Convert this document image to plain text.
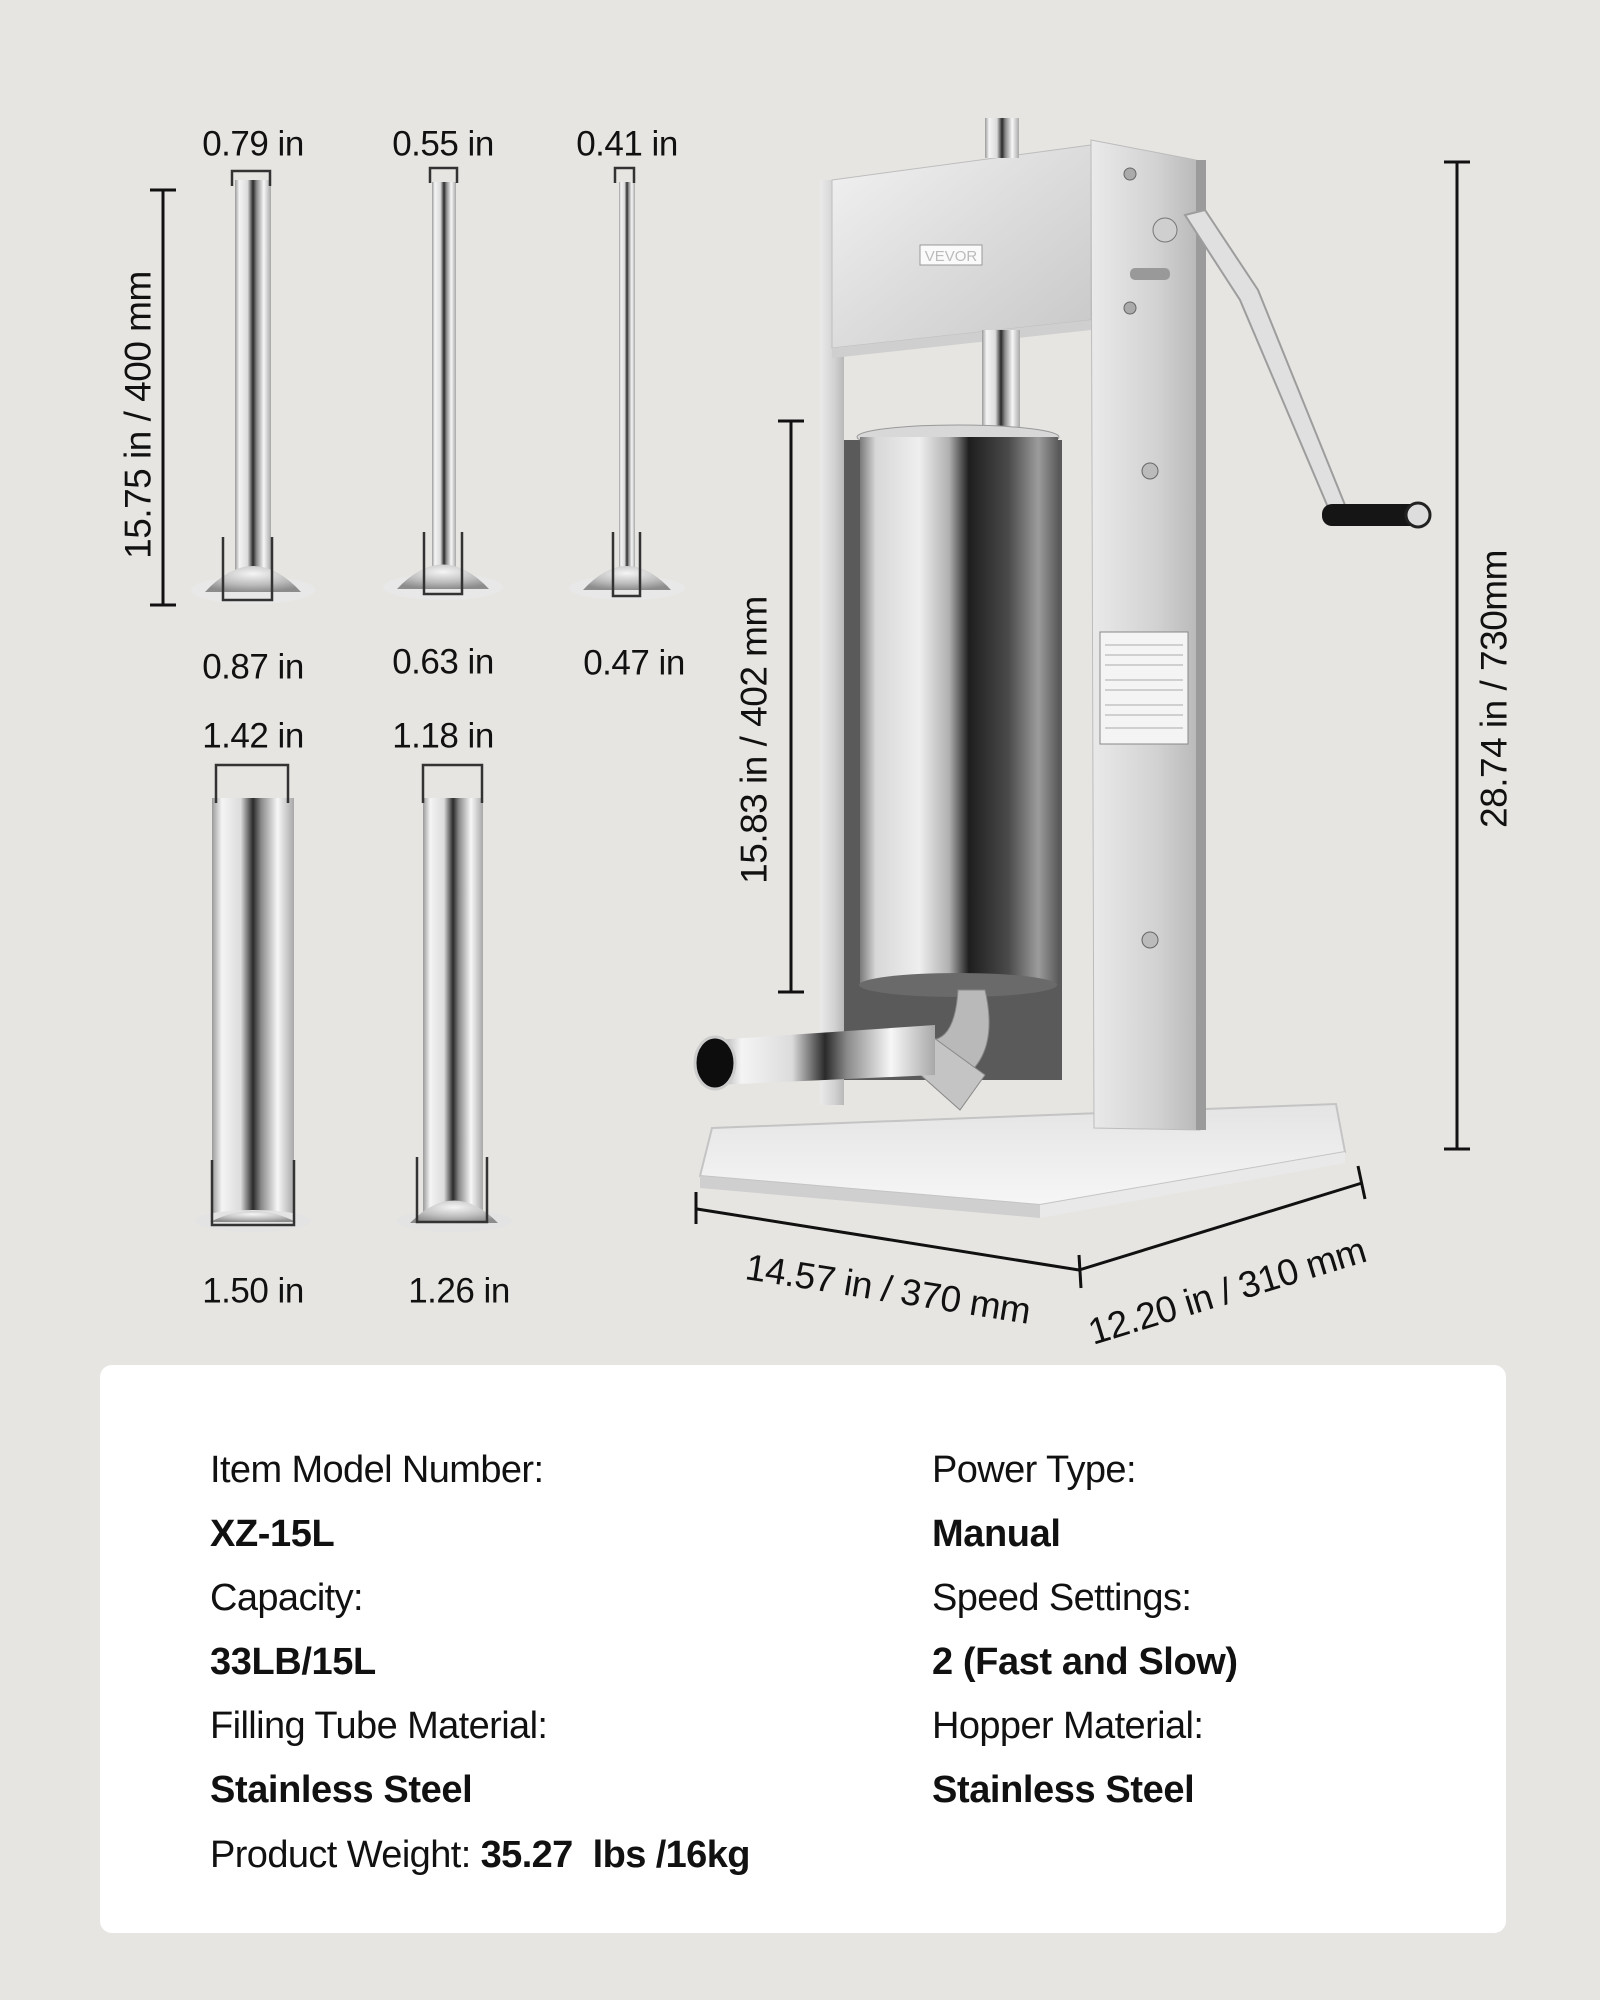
VEVOR
0.79 in	0.55 in 0.41 in
0.87 in	0.63 in	0.47 in
1.42 in	1.18 in
1.50 in	1.26 in
15.75 in / 400 mm
15.83 in / 402 mm	28.74 in / 730mm
14.57 in / 370 mm 12.20 in / 310 mm
Item Model Number:
XZ-15L
Capacity:
33LB/15L
Filling Tube Material:
Stainless Steel
Power Type:
Manual
Speed Settings:
2 (Fast and Slow)
Hopper Material:
Stainless Steel
Product Weight: 35.27  lbs /16kg
